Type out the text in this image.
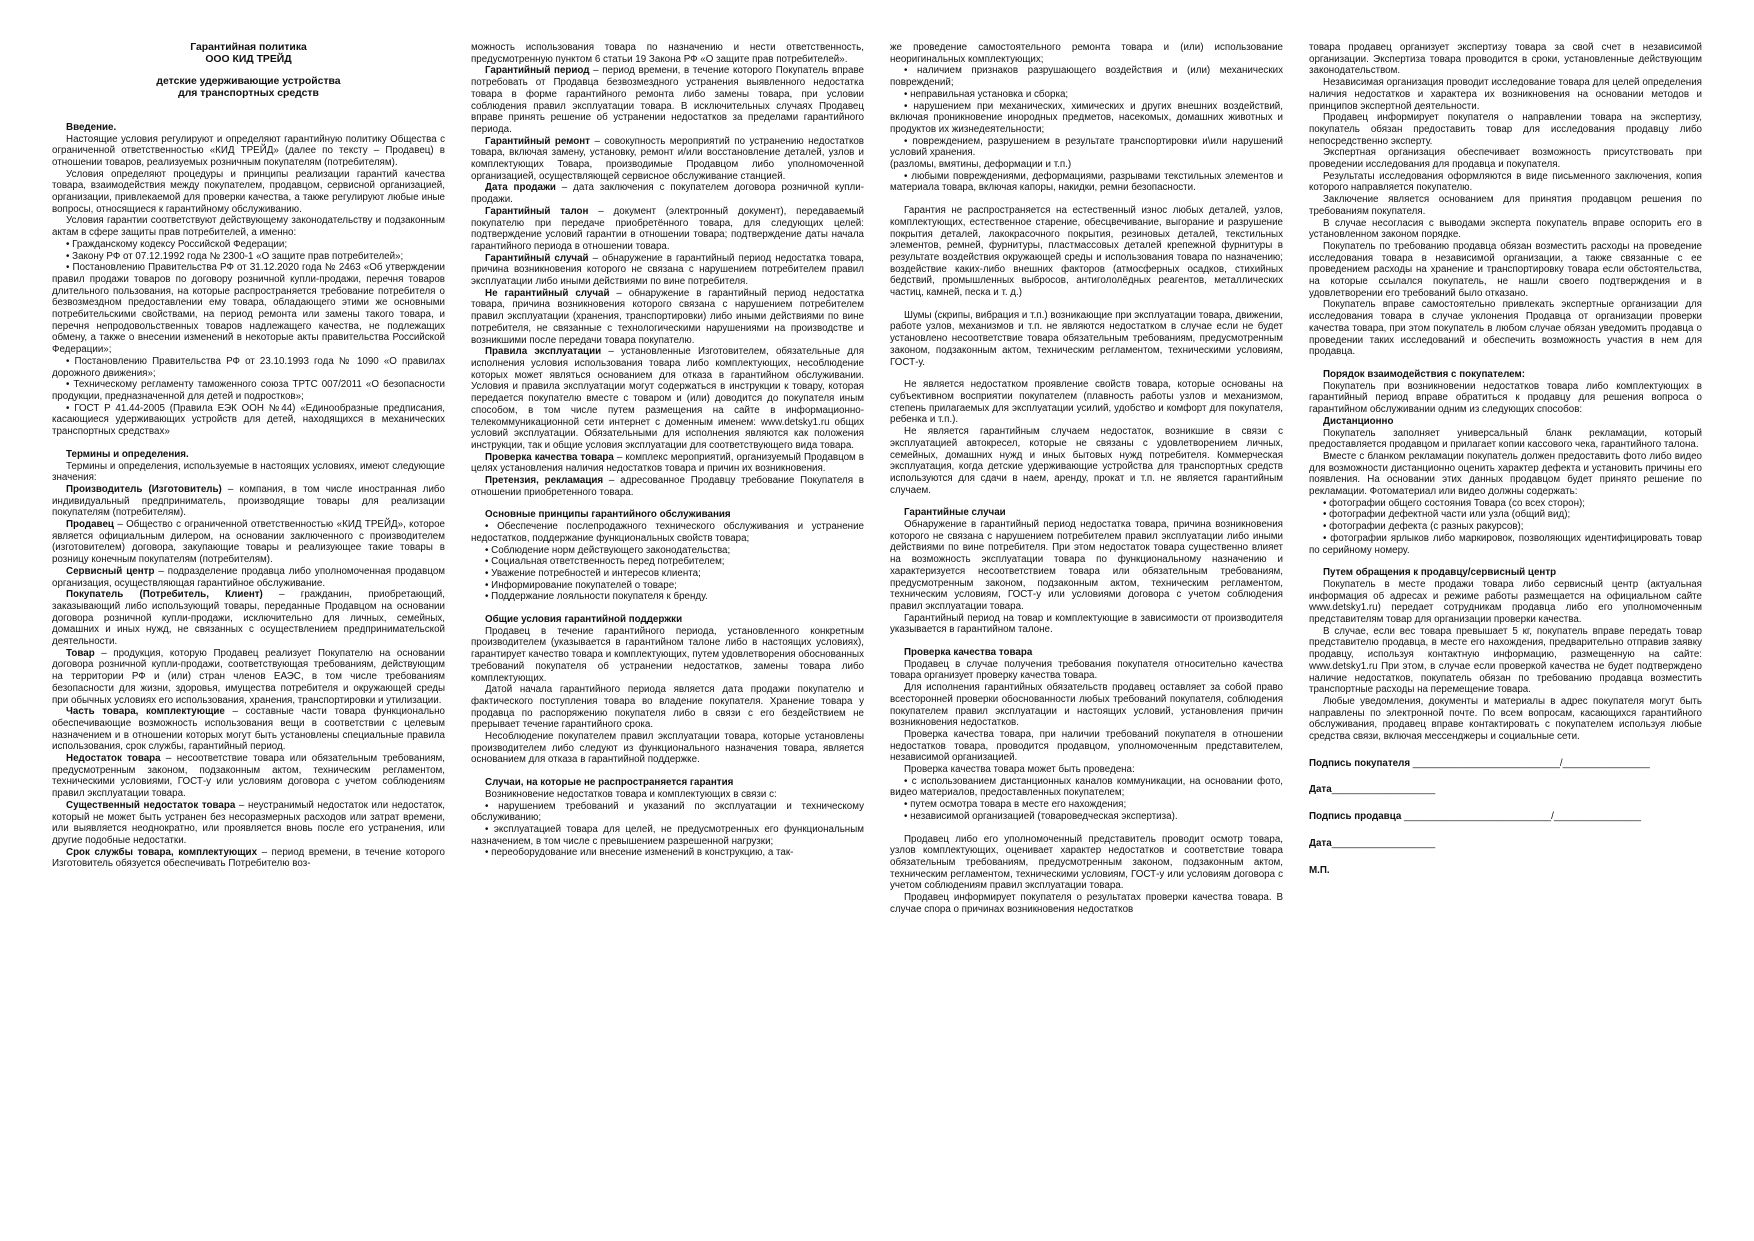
Гарантийная политика
ООО КИД ТРЕЙД
детские удерживающие устройства
для транспортных средств
Введение.
Настоящие условия регулируют и определяют гарантийную политику Общества с ограниченной ответственностью «КИД ТРЕЙД» (далее по тексту – Продавец) в отношении товаров, реализуемых розничным покупателям (потребителям).
Условия определяют процедуры и принципы реализации гарантий качества товара, взаимодействия между покупателем, продавцом, сервисной организацией, организации, привлекаемой для проверки качества, а также регулируют любые иные вопросы, относящиеся к гарантийному обслуживанию.
Условия гарантии соответствуют действующему законодательству и подзаконным актам в сфере защиты прав потребителей, а именно:
• Гражданскому кодексу Российской Федерации;
• Закону РФ от 07.12.1992 года № 2300-1 «О защите прав потребителей»;
• Постановлению Правительства РФ от 31.12.2020 года № 2463 «Об утверждении правил продажи товаров по договору розничной купли-продажи, перечня товаров длительного пользования, на которые распространяется требование потребителя о безвозмездном предоставлении ему товара, обладающего этими же основными потребительскими свойствами, на период ремонта или замены такого товара, и перечня непродовольственных товаров надлежащего качества, не подлежащих обмену, а также о внесении изменений в некоторые акты правительства Российской Федерации»;
• Постановлению Правительства РФ от 23.10.1993 года № 1090 «О правилах дорожного движения»;
• Техническому регламенту таможенного союза ТРТС 007/2011 «О безопасности продукции, предназначенной для детей и подростков»;
• ГОСТ Р 41.44-2005 (Правила ЕЭК ООН №44) «Единообразные предписания, касающиеся удерживающих устройств для детей, находящихся в механических транспортных средствах»
Термины и определения.
Термины и определения, используемые в настоящих условиях, имеют следующие значения:
Производитель (Изготовитель) – компания, в том числе иностранная либо индивидуальный предприниматель, производящие товары для реализации покупателям (потребителям).
Продавец – Общество с ограниченной ответственностью «КИД ТРЕЙД», которое является официальным дилером, на основании заключенного с производителем (изготовителем) договора, закупающие товары и реализующее такие товары в розницу конечным покупателям (потребителям).
Сервисный центр – подразделение продавца либо уполномоченная продавцом организация, осуществляющая гарантийное обслуживание.
Покупатель (Потребитель, Клиент) – гражданин, приобретающий, заказывающий либо использующий товары, переданные Продавцом на основании договора розничной купли-продажи, исключительно для личных, семейных, домашних и иных нужд, не связанных с осуществлением предпринимательской деятельности.
Товар – продукция, которую Продавец реализует Покупателю на основании договора розничной купли-продажи, соответствующая требованиям, действующим на территории РФ и (или) стран членов ЕАЭС, в том числе требованиям безопасности для жизни, здоровья, имущества потребителя и окружающей среды при обычных условиях его использования, хранения, транспортировки и утилизации.
Часть товара, комплектующие – составные части товара функционально обеспечивающие возможность использования вещи в соответствии с целевым назначением и в отношении которых могут быть установлены специальные правила использования, срок службы, гарантийный период.
Недостаток товара – несоответствие товара или обязательным требованиям, предусмотренным законом, подзаконным актом, техническим регламентом, техническими условиями, ГОСТ-у или условиям договора с учетом соблюдениям правил эксплуатации товара.
Существенный недостаток товара – неустранимый недостаток или недостаток, который не может быть устранен без несоразмерных расходов или затрат времени, или выявляется неоднократно, или проявляется вновь после его устранения, или другие подобные недостатки.
Срок службы товара, комплектующих – период времени, в течение которого Изготовитель обязуется обеспечивать Потребителю воз-
можность использования товара по назначению и нести ответственность, предусмотренную пунктом 6 статьи 19 Закона РФ «О защите прав потребителей».
Гарантийный период – период времени, в течение которого Покупатель вправе потребовать от Продавца безвозмездного устранения выявленного недостатка товара в форме гарантийного ремонта либо замены товара, при условии соблюдения правил эксплуатации товара. В исключительных случаях Продавец вправе принять решение об устранении недостатков за пределами гарантийного периода.
Гарантийный ремонт – совокупность мероприятий по устранению недостатков товара, включая замену, установку, ремонт и/или восстановление деталей, узлов и комплектующих Товара, производимые Продавцом либо уполномоченной организацией, осуществляющей сервисное обслуживание станцией.
Дата продажи – дата заключения с покупателем договора розничной купли-продажи.
Гарантийный талон – документ (электронный документ), передаваемый покупателю при передаче приобретённого товара, для следующих целей: подтверждение условий гарантии в отношении товара; подтверждение даты начала гарантийного периода в отношении товара.
Гарантийный случай – обнаружение в гарантийный период недостатка товара, причина возникновения которого не связана с нарушением потребителем правил эксплуатации либо иными действиями по вине потребителя.
Не гарантийный случай – обнаружение в гарантийный период недостатка товара, причина возникновения которого связана с нарушением потребителем правил эксплуатации (хранения, транспортировки) либо иными действиями по вине потребителя, не связанные с технологическими нарушениями на производстве и возникшими после передачи товара покупателю.
Правила эксплуатации – установленные Изготовителем, обязательные для исполнения условия использования товара либо комплектующих, несоблюдение которых может являться основанием для отказа в гарантийном обслуживании. Условия и правила эксплуатации могут содержаться в инструкции к товару, которая передается покупателю вместе с товаром и (или) доводится до покупателя иным способом, в том числе путем размещения на сайте в информационно-телекоммуникационной сети интернет с доменным именем: www.detsky1.ru общих условий эксплуатации. Обязательными для исполнения являются как положения инструкции, так и общие условия эксплуатации для соответствующего вида товара.
Проверка качества товара – комплекс мероприятий, организуемый Продавцом в целях установления наличия недостатков товара и причин их возникновения.
Претензия, рекламация – адресованное Продавцу требование Покупателя в отношении приобретенного товара.
Основные принципы гарантийного обслуживания
• Обеспечение послепродажного технического обслуживания и устранение недостатков, поддержание функциональных свойств товара;
• Соблюдение норм действующего законодательства;
• Социальная ответственность перед потребителем;
• Уважение потребностей и интересов клиента;
• Информирование покупателей о товаре;
• Поддержание лояльности покупателя к бренду.
Общие условия гарантийной поддержки
Продавец в течение гарантийного периода, установленного конкретным производителем (указывается в гарантийном талоне либо в настоящих условиях), гарантирует качество товара и комплектующих, путем удовлетворения обоснованных требований покупателя об устранении недостатков, замены товара либо комплектующих.
Датой начала гарантийного периода является дата продажи покупателю и фактического поступления товара во владение покупателя. Хранение товара у продавца по распоряжению покупателя либо в связи с его бездействием не прерывает течение гарантийного срока.
Несоблюдение покупателем правил эксплуатации товара, которые установлены производителем либо следуют из функционального назначения товара, является основанием для отказа в гарантийной поддержке.
Случаи, на которые не распространяется гарантия
Возникновение недостатков товара и комплектующих в связи с:
• нарушением требований и указаний по эксплуатации и техническому обслуживанию;
• эксплуатацией товара для целей, не предусмотренных его функциональным назначением, в том числе с превышением разрешенной нагрузки;
• переоборудование или внесение изменений в конструкцию, а так-
же проведение самостоятельного ремонта товара и (или) использование неоригинальных комплектующих;
• наличием признаков разрушающего воздействия и (или) механических повреждений;
• неправильная установка и сборка;
• нарушением при механических, химических и других внешних воздействий, включая проникновение инородных предметов, насекомых, домашних животных и продуктов их жизнедеятельности;
• повреждением, разрушением в результате транспортировки и\или нарушений условий хранения.
(разломы, вмятины, деформации и т.п.)
• любыми повреждениями, деформациями, разрывами текстильных элементов и материала товара, включая капоры, накидки, ремни безопасности.
Гарантия не распространяется на естественный износ любых деталей, узлов, комплектующих, естественное старение, обесцвечивание, выгорание и разрушение покрытия деталей, лакокрасочного покрытия, резиновых деталей, текстильных элементов, ремней, фурнитуры, пластмассовых деталей крепежной фурнитуры в результате воздействия окружающей среды и использования товара по назначению; воздействие каких-либо внешних факторов (атмосферных осадков, стихийных бедствий, промышленных выбросов, антигололёдных реагентов, металлических частиц, камней, песка и т. д.)
Шумы (скрипы, вибрация и т.п.) возникающие при эксплуатации товара, движении, работе узлов, механизмов и т.п. не являются недостатком в случае если не будет установлено несоответствие товара обязательным требованиям, предусмотренным законом, подзаконным актом, техническим регламентом, техническими условиям, ГОСТ-у.
Не является недостатком проявление свойств товара, которые основаны на субъективном восприятии покупателем (плавность работы узлов и механизмом, степень прилагаемых для эксплуатации усилий, удобство и комфорт для покупателя, ребенка и т.п.).
Не является гарантийным случаем недостаток, возникшие в связи с эксплуатацией автокресел, которые не связаны с удовлетворением личных, семейных, домашних нужд и иных бытовых нужд потребителя. Коммерческая эксплуатация, когда детские удерживающие устройства для транспортных средств используются для сдачи в наем, аренду, прокат и т.п. не является гарантийным случаем.
Гарантийные случаи
Обнаружение в гарантийный период недостатка товара, причина возникновения которого не связана с нарушением потребителем правил эксплуатации либо иными действиями по вине потребителя. При этом недостаток товара существенно влияет на возможность эксплуатации товара по функциональному назначению и характеризуется несоответствием товара или обязательным требованиям, предусмотренным законом, подзаконным актом, техническим регламентом, техническим условиям, ГОСТ-у или условиями договора с учетом соблюдения правил эксплуатации товара.
Гарантийный период на товар и комплектующие в зависимости от производителя указывается в гарантийном талоне.
Проверка качества товара
Продавец в случае получения требования покупателя относительно качества товара организует проверку качества товара.
Для исполнения гарантийных обязательств продавец оставляет за собой право всесторонней проверки обоснованности любых требований покупателя, соблюдения покупателем правил эксплуатации и настоящих условий, установления причин возникновения недостатков.
Проверка качества товара, при наличии требований покупателя в отношении недостатков товара, проводится продавцом, уполномоченным представителем, независимой организацией.
Проверка качества товара может быть проведена:
• с использованием дистанционных каналов коммуникации, на основании фото, видео материалов, предоставленных покупателем;
• путем осмотра товара в месте его нахождения;
• независимой организацией (товароведческая экспертиза).
Продавец либо его уполномоченный представитель проводит осмотр товара, узлов комплектующих, оценивает характер недостатков и соответствие товара обязательным требованиям, предусмотренным законом, подзаконным актом, техническим регламентом, техническими условиям, ГОСТ-у или условиям договора с учетом соблюдениям правил эксплуатации товара.
Продавец информирует покупателя о результатах проверки качества товара. В случае спора о причинах возникновения недостатков
товара продавец организует экспертизу товара за свой счет в независимой организации. Экспертиза товара проводится в сроки, установленные действующим законодательством.
Независимая организация проводит исследование товара для целей определения наличия недостатков и характера их возникновения на основании методов и принципов экспертной деятельности.
Продавец информирует покупателя о направлении товара на экспертизу, покупатель обязан предоставить товар для исследования продавцу либо непосредственно эксперту.
Экспертная организация обеспечивает возможность присутствовать при проведении исследования для продавца и покупателя.
Результаты исследования оформляются в виде письменного заключения, копия которого направляется покупателю.
Заключение является основанием для принятия продавцом решения по требованиям покупателя.
В случае несогласия с выводами эксперта покупатель вправе оспорить его в установленном законом порядке.
Покупатель по требованию продавца обязан возместить расходы на проведение исследования товара в независимой организации, а также связанные с ее проведением расходы на хранение и транспортировку товара если обстоятельства, на которые ссылался покупатель, не нашли своего подтверждения и в удовлетворении его требований было отказано.
Покупатель вправе самостоятельно привлекать экспертные организации для исследования товара в случае уклонения Продавца от организации проверки качества товара, при этом покупатель в любом случае обязан уведомить продавца о проведении таких исследований и обеспечить возможность участия в нем для продавца.
Порядок взаимодействия с покупателем:
Покупатель при возникновении недостатков товара либо комплектующих в гарантийный период вправе обратиться к продавцу для решения вопроса о гарантийном обслуживании одним из следующих способов:
Дистанционно
Покупатель заполняет универсальный бланк рекламации, который предоставляется продавцом и прилагает копии кассового чека, гарантийного талона.
Вместе с бланком рекламации покупатель должен предоставить фото либо видео для возможности дистанционно оценить характер дефекта и установить причины его появления. На основании этих данных продавцом будет принято решение по рекламации. Фотоматериал или видео должны содержать:
• фотографии общего состояния Товара (со всех сторон);
• фотографии дефектной части или узла (общий вид);
• фотографии дефекта (с разных ракурсов);
• фотографии ярлыков либо маркировок, позволяющих идентифицировать товар по серийному номеру.
Путем обращения к продавцу/сервисный центр
Покупатель в месте продажи товара либо сервисный центр (актуальная информация об адресах и режиме работы размещается на официальном сайте www.detsky1.ru) передает сотрудникам продавца либо его уполномоченным представителям товар для организации проверки качества.
В случае, если вес товара превышает 5 кг, покупатель вправе передать товар представителю продавца, в месте его нахождения, предварительно отправив заявку продавцу, используя контактную информацию, размещенную на сайте: www.detsky1.ru При этом, в случае если проверкой качества не будет подтверждено наличие недостатков, покупатель обязан по требованию продавца возместить транспортные расходы на перемещение товара.
Любые уведомления, документы и материалы в адрес покупателя могут быть направлены по электронной почте. По всем вопросам, касающихся гарантийного обслуживания, продавец вправе контактировать с покупателем используя любые средства связи, включая мессенджеры и социальные сети.
Подпись покупателя ___________________________/________________
Дата___________________
Подпись продавца ___________________________/________________
Дата___________________
М.П.
